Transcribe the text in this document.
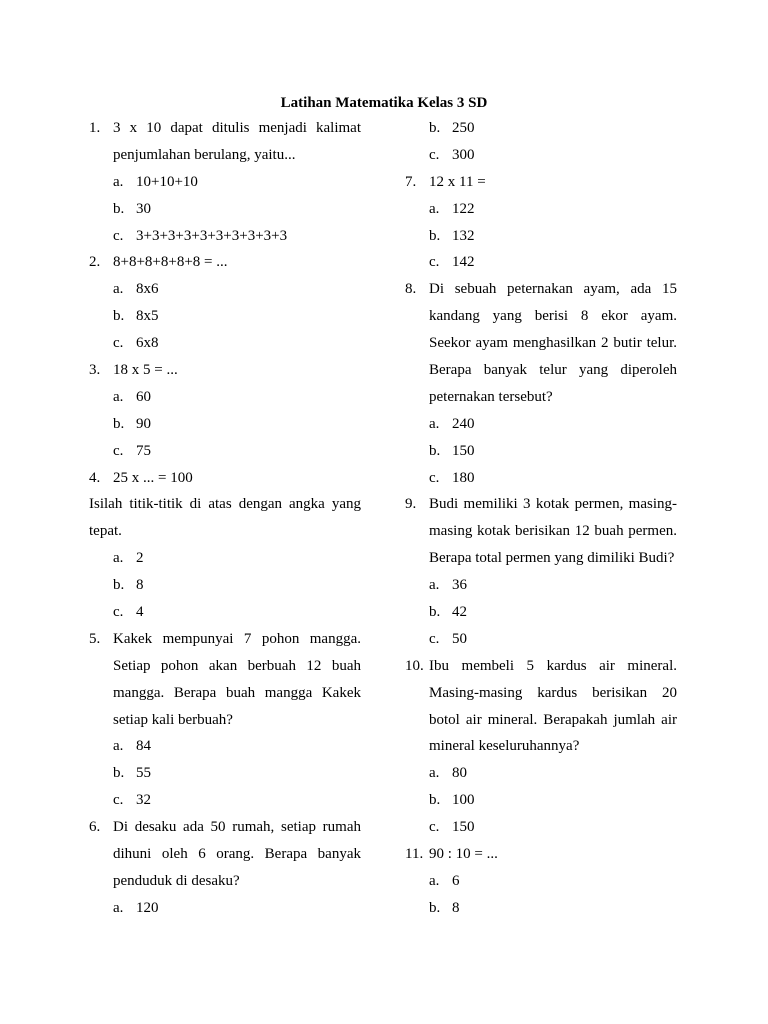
Latihan Matematika Kelas 3 SD
1. 3 x 10 dapat ditulis menjadi kalimat
penjumlahan berulang, yaitu...
a. 10+10+10
b. 30
c. 3+3+3+3+3+3+3+3+3+3
2. 8+8+8+8+8+8 = ...
a. 8x6
b. 8x5
c. 6x8
3. 18 x 5 = ...
a. 60
b. 90
c. 75
4. 25 x ... = 100
Isilah titik-titik di atas dengan angka yang
tepat.
a. 2
b. 8
c. 4
5. Kakek mempunyai 7 pohon mangga.
Setiap pohon akan berbuah 12 buah
mangga. Berapa buah mangga Kakek
setiap kali berbuah?
a. 84
b. 55
c. 32
6. Di desaku ada 50 rumah, setiap rumah
dihuni oleh 6 orang. Berapa banyak
penduduk di desaku?
a. 120
b. 250
c. 300
7. 12 x 11 =
a. 122
b. 132
c. 142
8. Di sebuah peternakan ayam, ada 15
kandang yang berisi 8 ekor ayam.
Seekor ayam menghasilkan 2 butir telur.
Berapa banyak telur yang diperoleh
peternakan tersebut?
a. 240
b. 150
c. 180
9. Budi memiliki 3 kotak permen, masing-
masing kotak berisikan 12 buah permen.
Berapa total permen yang dimiliki Budi?
a. 36
b. 42
c. 50
10. Ibu membeli 5 kardus air mineral.
Masing-masing kardus berisikan 20
botol air mineral. Berapakah jumlah air
mineral keseluruhannya?
a. 80
b. 100
c. 150
11. 90 : 10 = ...
a. 6
b. 8
